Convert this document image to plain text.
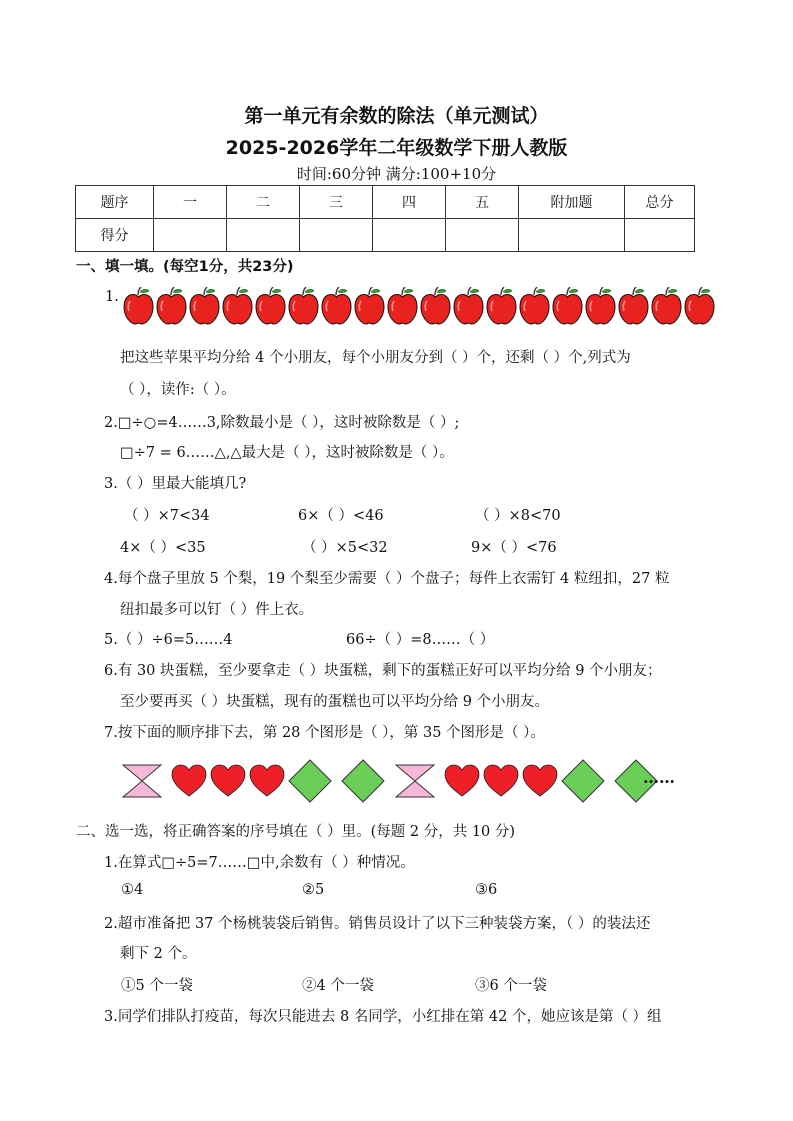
第一单元有余数的除法（单元测试）
2025-2026学年二年级数学下册人教版
时间:60分钟 满分:100+10分
题序	一	二	三	四	五	附加题	总分
得分							
一、填一填。(每空1分，共23分)
1.
把这些苹果平均分给 4 个小朋友，每个小朋友分到（ ）个，还剩（ ）个,列式为
（ ），读作:（ ）。
2.□÷○=4……3,除数最小是（ ），这时被除数是（ ）;
□÷7 = 6……△,△最大是（ ），这时被除数是（ ）。
3.（ ）里最大能填几?
（ ）×7<34	6×（ ）<46	（ ）×8<70
4×（ ）<35	（ ）×5<32	9×（ ）<76
4.每个盘子里放 5 个梨，19 个梨至少需要（ ）个盘子；每件上衣需钉 4 粒纽扣，27 粒
纽扣最多可以钉（ ）件上衣。
5.（ ）÷6=5……4	66÷（ ）=8……（ ）
6.有 30 块蛋糕，至少要拿走（ ）块蛋糕，剩下的蛋糕正好可以平均分给 9 个小朋友；
至少要再买（ ）块蛋糕，现有的蛋糕也可以平均分给 9 个小朋友。
7.按下面的顺序排下去，第 28 个图形是（ ），第 35 个图形是（ ）。
……
二、选一选，将正确答案的序号填在（ ）里。(每题 2 分，共 10 分)
1.在算式□÷5=7……□中,余数有（ ）种情况。
①4	②5	③6
2.超市准备把 37 个杨桃装袋后销售。销售员设计了以下三种装袋方案，（ ）的装法还
剩下 2 个。
①5 个一袋	②4 个一袋	③6 个一袋
3.同学们排队打疫苗，每次只能进去 8 名同学，小红排在第 42 个，她应该是第（ ）组
